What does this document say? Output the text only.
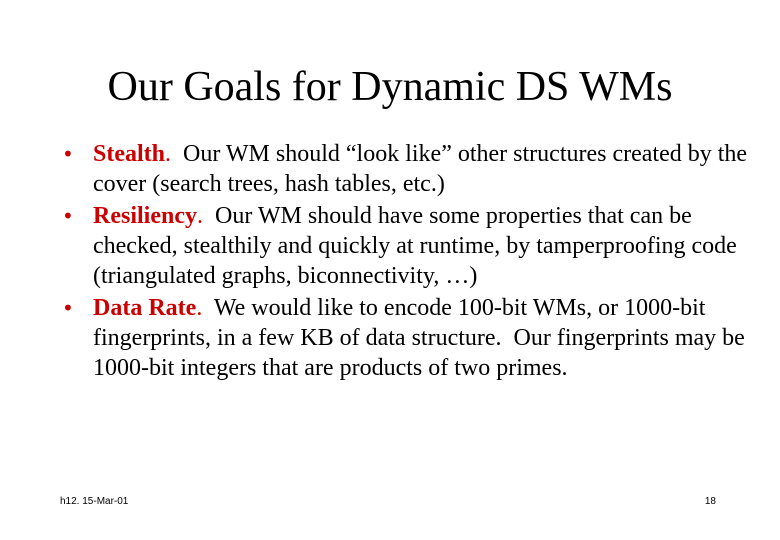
Our Goals for Dynamic DS WMs
• Stealth.  Our WM should “look like” other structures created by the cover (search trees, hash tables, etc.)
• Resiliency.  Our WM should have some properties that can be checked, stealthily and quickly at runtime, by tamperproofing code (triangulated graphs, biconnectivity, …)
• Data Rate.  We would like to encode 100-bit WMs, or 1000-bit fingerprints, in a few KB of data structure.  Our fingerprints may be 1000-bit integers that are products of two primes.
h12. 15-Mar-01	18
